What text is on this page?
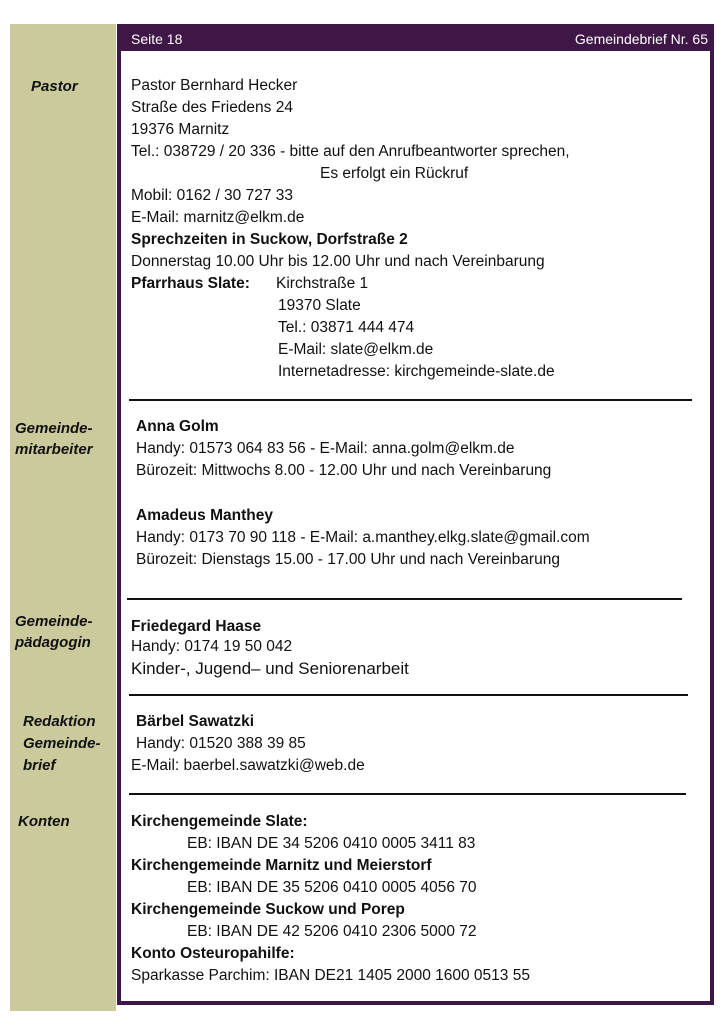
Seite 18	Gemeindebrief Nr. 65
Pastor
Gemeinde-
mitarbeiter
Gemeinde-
pädagogin
Redaktion
Gemeinde-
brief
Konten
Pastor Bernhard Hecker
Straße des Friedens 24
19376 Marnitz
Tel.: 038729 / 20 336 - bitte auf den Anrufbeantworter sprechen,
Es erfolgt ein Rückruf
Mobil: 0162 / 30 727 33
E-Mail: marnitz@elkm.de
Sprechzeiten in Suckow, Dorfstraße 2
Donnerstag 10.00 Uhr bis 12.00 Uhr und nach Vereinbarung
Pfarrhaus Slate: Kirchstraße 1
19370 Slate
Tel.: 03871 444 474
E-Mail: slate@elkm.de
Internetadresse: kirchgemeinde-slate.de
Anna Golm
Handy: 01573 064 83 56 - E-Mail: anna.golm@elkm.de
Bürozeit: Mittwochs 8.00 - 12.00 Uhr und nach Vereinbarung
Amadeus Manthey
Handy: 0173 70 90 118 - E-Mail: a.manthey.elkg.slate@gmail.com
Bürozeit: Dienstags 15.00 - 17.00 Uhr und nach Vereinbarung
Friedegard Haase
Handy: 0174 19 50 042
Kinder-, Jugend– und Seniorenarbeit
Bärbel Sawatzki
Handy: 01520 388 39 85
E-Mail: baerbel.sawatzki@web.de
Kirchengemeinde Slate:
EB: IBAN DE 34 5206 0410 0005 3411 83
Kirchengemeinde Marnitz und Meierstorf
EB: IBAN DE 35 5206 0410 0005 4056 70
Kirchengemeinde Suckow und Porep
EB: IBAN DE 42 5206 0410 2306 5000 72
Konto Osteuropahilfe:
Sparkasse Parchim: IBAN DE21 1405 2000 1600 0513 55
